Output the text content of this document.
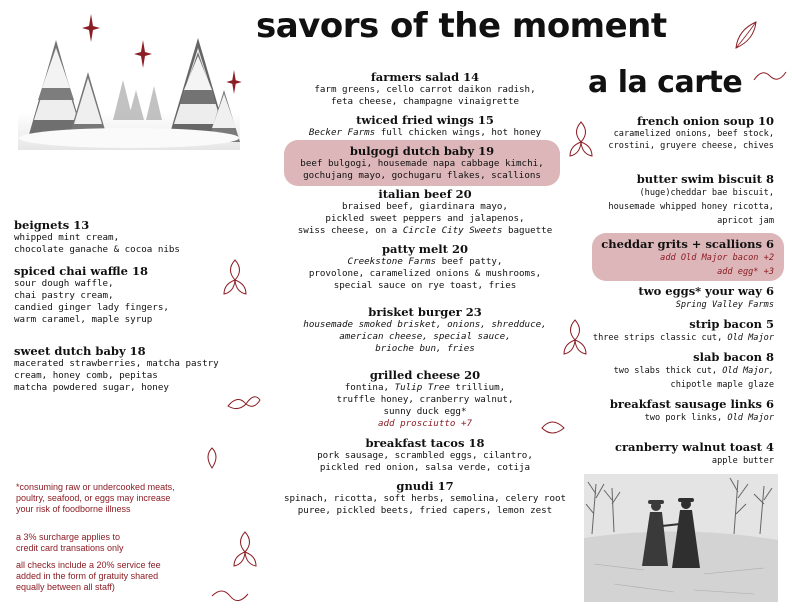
savors of the moment
a la carte
farmers salad 14
farm greens, cello carrot daikon radish,
feta cheese, champagne vinaigrette
twiced fried wings 15
Becker Farms full chicken wings, hot honey
bulgogi dutch baby 19
beef bulgogi, housemade napa cabbage kimchi,
gochujang mayo, gochugaru flakes, scallions
italian beef 20
braised beef, giardinara mayo,
pickled sweet peppers and jalapenos,
swiss cheese, on a Circle City Sweets baguette
patty melt 20
Creekstone Farms beef patty,
provolone, caramelized onions & mushrooms,
special sauce on rye toast, fries
brisket burger 23
housemade smoked brisket, onions, shredduce,
american cheese, special sauce,
brioche bun, fries
grilled cheese 20
fontina, Tulip Tree trillium,
truffle honey, cranberry walnut,
sunny duck egg*
add prosciutto +7
breakfast tacos 18
pork sausage, scrambled eggs, cilantro,
pickled red onion, salsa verde, cotija
gnudi 17
spinach, ricotta, soft herbs, semolina, celery root
puree, pickled beets, fried capers, lemon zest
beignets 13
whipped mint cream,
chocolate ganache & cocoa nibs
spiced chai waffle 18
sour dough waffle,
chai pastry cream,
candied ginger lady fingers,
warm caramel, maple syrup
sweet dutch baby 18
macerated strawberries, matcha pastry
cream, honey comb, pepitas
matcha powdered sugar, honey
*consuming raw or undercooked meats,
poultry, seafood, or eggs may increase
your risk of foodborne illness
a 3% surcharge applies to
credit card transations only
all checks include a 20% service fee
added in the form of gratuity shared
equally between all staff)
french onion soup 10
caramelized onions, beef stock,
crostini, gruyere cheese, chives
butter swim biscuit 8
(huge)cheddar bae biscuit,
housemade whipped honey ricotta,
apricot jam
cheddar grits + scallions 6
add Old Major bacon +2
add egg* +3
two eggs* your way 6
Spring Valley Farms
strip bacon 5
three strips classic cut, Old Major
slab bacon 8
two slabs thick cut, Old Major,
chipotle maple glaze
breakfast sausage links 6
two pork links, Old Major
cranberry walnut toast 4
apple butter
